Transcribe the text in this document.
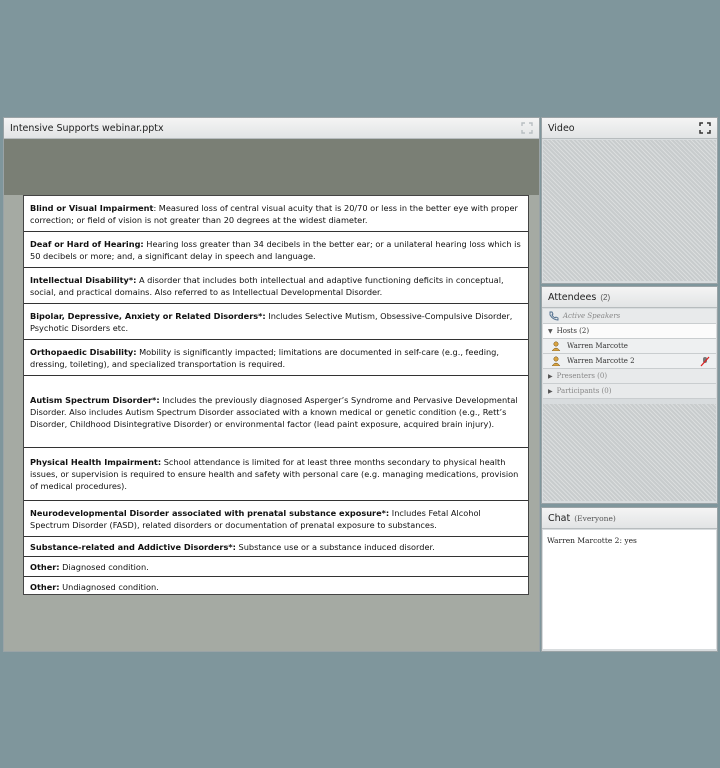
Intensive Supports webinar.pptx
Blind or Visual Impairment: Measured loss of central visual acuity that is 20/70 or less in the better eye with proper correction; or field of vision is not greater than 20 degrees at the widest diameter.
Deaf or Hard of Hearing: Hearing loss greater than 34 decibels in the better ear; or a unilateral hearing loss which is 50 decibels or more; and, a significant delay in speech and language.
Intellectual Disability*: A disorder that includes both intellectual and adaptive functioning deficits in conceptual, social, and practical domains. Also referred to as Intellectual Developmental Disorder.
Bipolar, Depressive, Anxiety or Related Disorders*: Includes Selective Mutism, Obsessive-Compulsive Disorder, Psychotic Disorders etc.
Orthopaedic Disability: Mobility is significantly impacted; limitations are documented in self-care (e.g., feeding, dressing, toileting), and specialized transportation is required.
Autism Spectrum Disorder*: Includes the previously diagnosed Asperger’s Syndrome and Pervasive Developmental Disorder. Also includes Autism Spectrum Disorder associated with a known medical or genetic condition (e.g., Rett’s Disorder, Childhood Disintegrative Disorder) or environmental factor (lead paint exposure, acquired brain injury).
Physical Health Impairment: School attendance is limited for at least three months secondary to physical health issues, or supervision is required to ensure health and safety with personal care (e.g. managing medications, provision of medical procedures).
Neurodevelopmental Disorder associated with prenatal substance exposure*: Includes Fetal Alcohol Spectrum Disorder (FASD), related disorders or documentation of prenatal exposure to substances.
Substance-related and Addictive Disorders*: Substance use or a substance induced disorder.
Other: Diagnosed condition.
Other: Undiagnosed condition.
Video
Attendees (2)
Active Speakers
▼ Hosts (2)
Warren Marcotte
Warren Marcotte 2
▶ Presenters (0)
▶ Participants (0)
Chat (Everyone)
Warren Marcotte 2: yes
